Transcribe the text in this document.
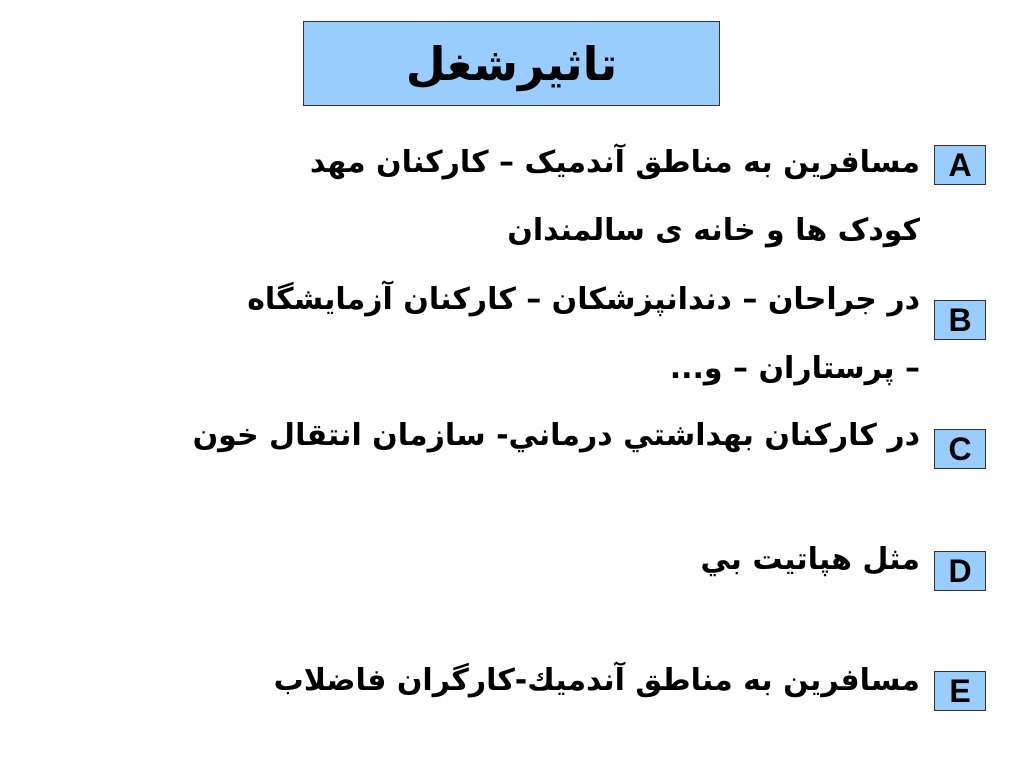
تاثیرشغل
A
مسافرین به مناطق آندمیک – کارکنان مهد
کودک ها و خانه ی سالمندان
B
در جراحان – دندانپزشکان – کارکنان آزمایشگاه
– پرستاران – و...
C
در کارکنان بهداشتي درماني- سازمان انتقال خون
D
مثل هپاتیت بي
E
مسافرين به مناطق آندميك-کارگران فاضلاب
